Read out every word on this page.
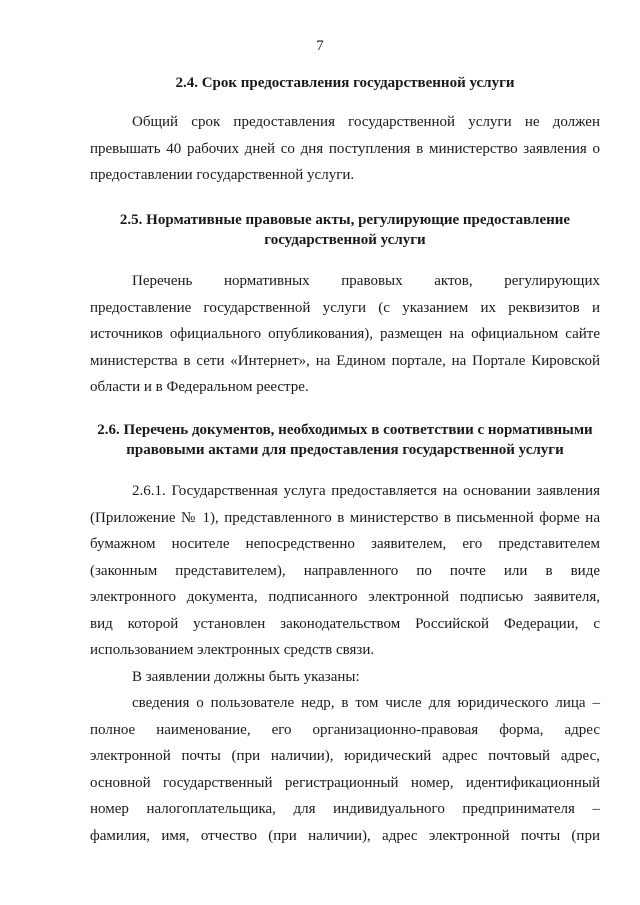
7
2.4. Срок предоставления государственной услуги
Общий срок предоставления государственной услуги не должен
превышать 40 рабочих дней со дня поступления в министерство заявления о
предоставлении государственной услуги.
2.5. Нормативные правовые акты, регулирующие предоставление
государственной услуги
Перечень нормативных правовых актов, регулирующих
предоставление государственной услуги (с указанием их реквизитов и
источников официального опубликования), размещен на официальном сайте
министерства в сети «Интернет», на Едином портале, на Портале Кировской
области и в Федеральном реестре.
2.6. Перечень документов, необходимых в соответствии с нормативными
правовыми актами для предоставления государственной услуги
2.6.1. Государственная услуга предоставляется на основании заявления
(Приложение № 1), представленного в министерство в письменной форме на
бумажном носителе непосредственно заявителем, его представителем
(законным представителем), направленного по почте или в виде
электронного документа, подписанного электронной подписью заявителя,
вид которой установлен законодательством Российской Федерации, с
использованием электронных средств связи.
В заявлении должны быть указаны:
сведения о пользователе недр, в том числе для юридического лица –
полное наименование, его организационно-правовая форма, адрес
электронной почты (при наличии), юридический адрес почтовый адрес,
основной государственный регистрационный номер, идентификационный
номер налогоплательщика, для индивидуального предпринимателя –
фамилия, имя, отчество (при наличии), адрес электронной почты (при
